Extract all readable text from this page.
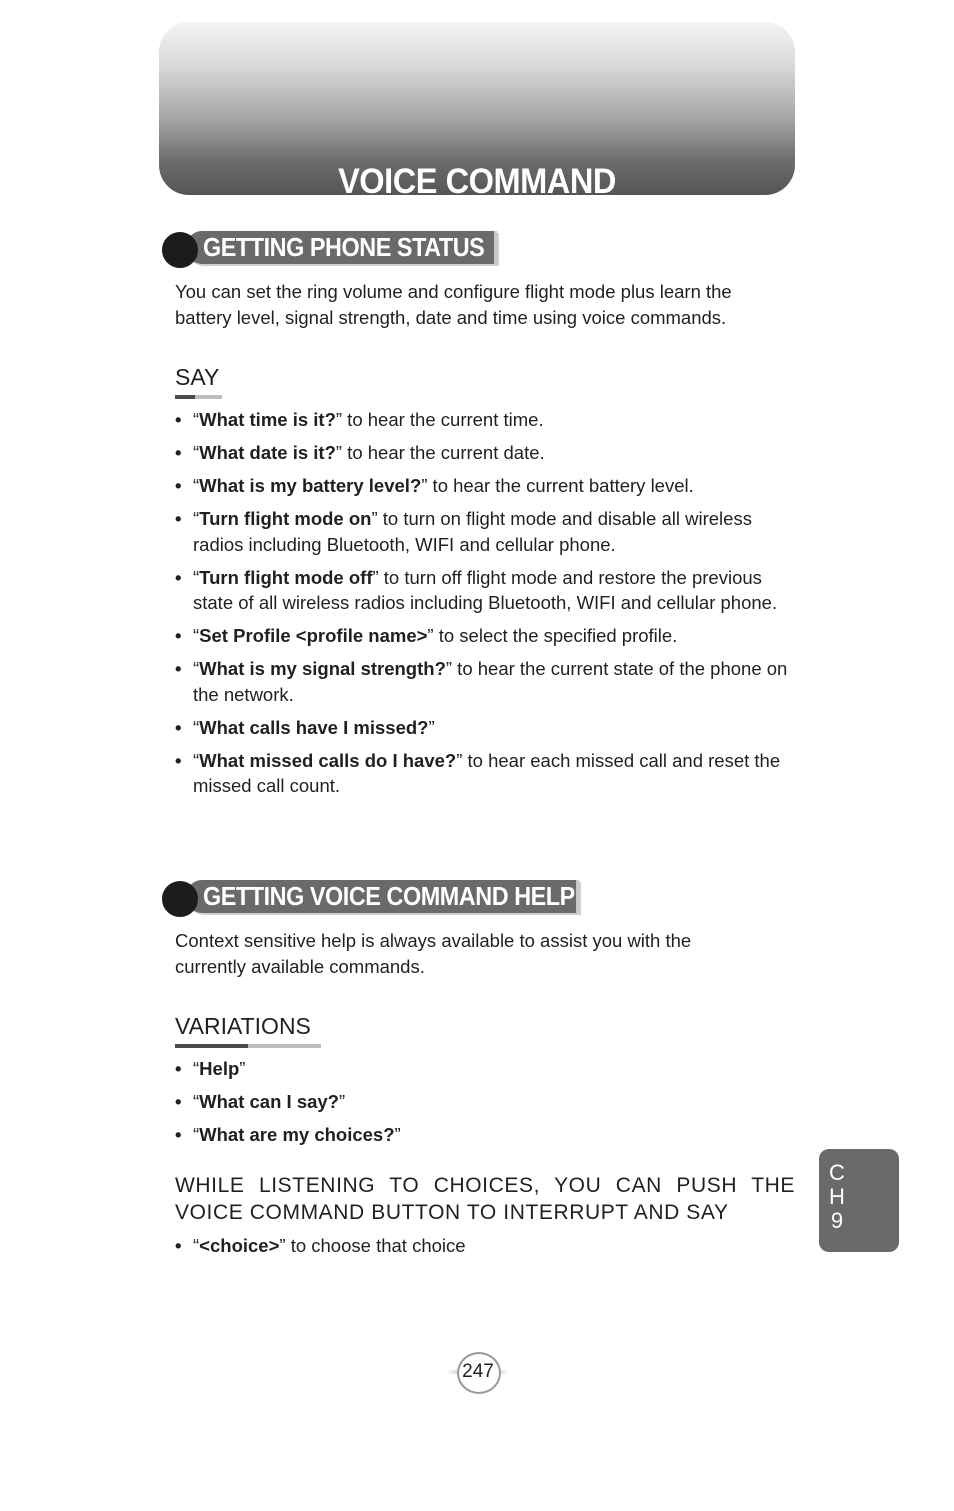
VOICE COMMAND
GETTING PHONE STATUS
You can set the ring volume and configure flight mode plus learn the
battery level, signal strength, date and time using voice commands.
SAY
• “What time is it?” to hear the current time.
• “What date is it?” to hear the current date.
• “What is my battery level?” to hear the current battery level.
• “Turn flight mode on” to turn on flight mode and disable all wireless radios including Bluetooth, WIFI and cellular phone.
• “Turn flight mode off” to turn off flight mode and restore the previous state of all wireless radios including Bluetooth, WIFI and cellular phone.
• “Set Profile <profile name>” to select the specified profile.
• “What is my signal strength?” to hear the current state of the phone on the network.
• “What calls have I missed?”
• “What missed calls do I have?” to hear each missed call and reset the missed call count.
GETTING VOICE COMMAND HELP
Context sensitive help is always available to assist you with the
currently available commands.
VARIATIONS
• “Help”
• “What can I say?”
• “What are my choices?”
WHILE LISTENING TO CHOICES, YOU CAN PUSH THE VOICE COMMAND BUTTON TO INTERRUPT AND SAY
• “<choice>” to choose that choice
C
H
9
247
